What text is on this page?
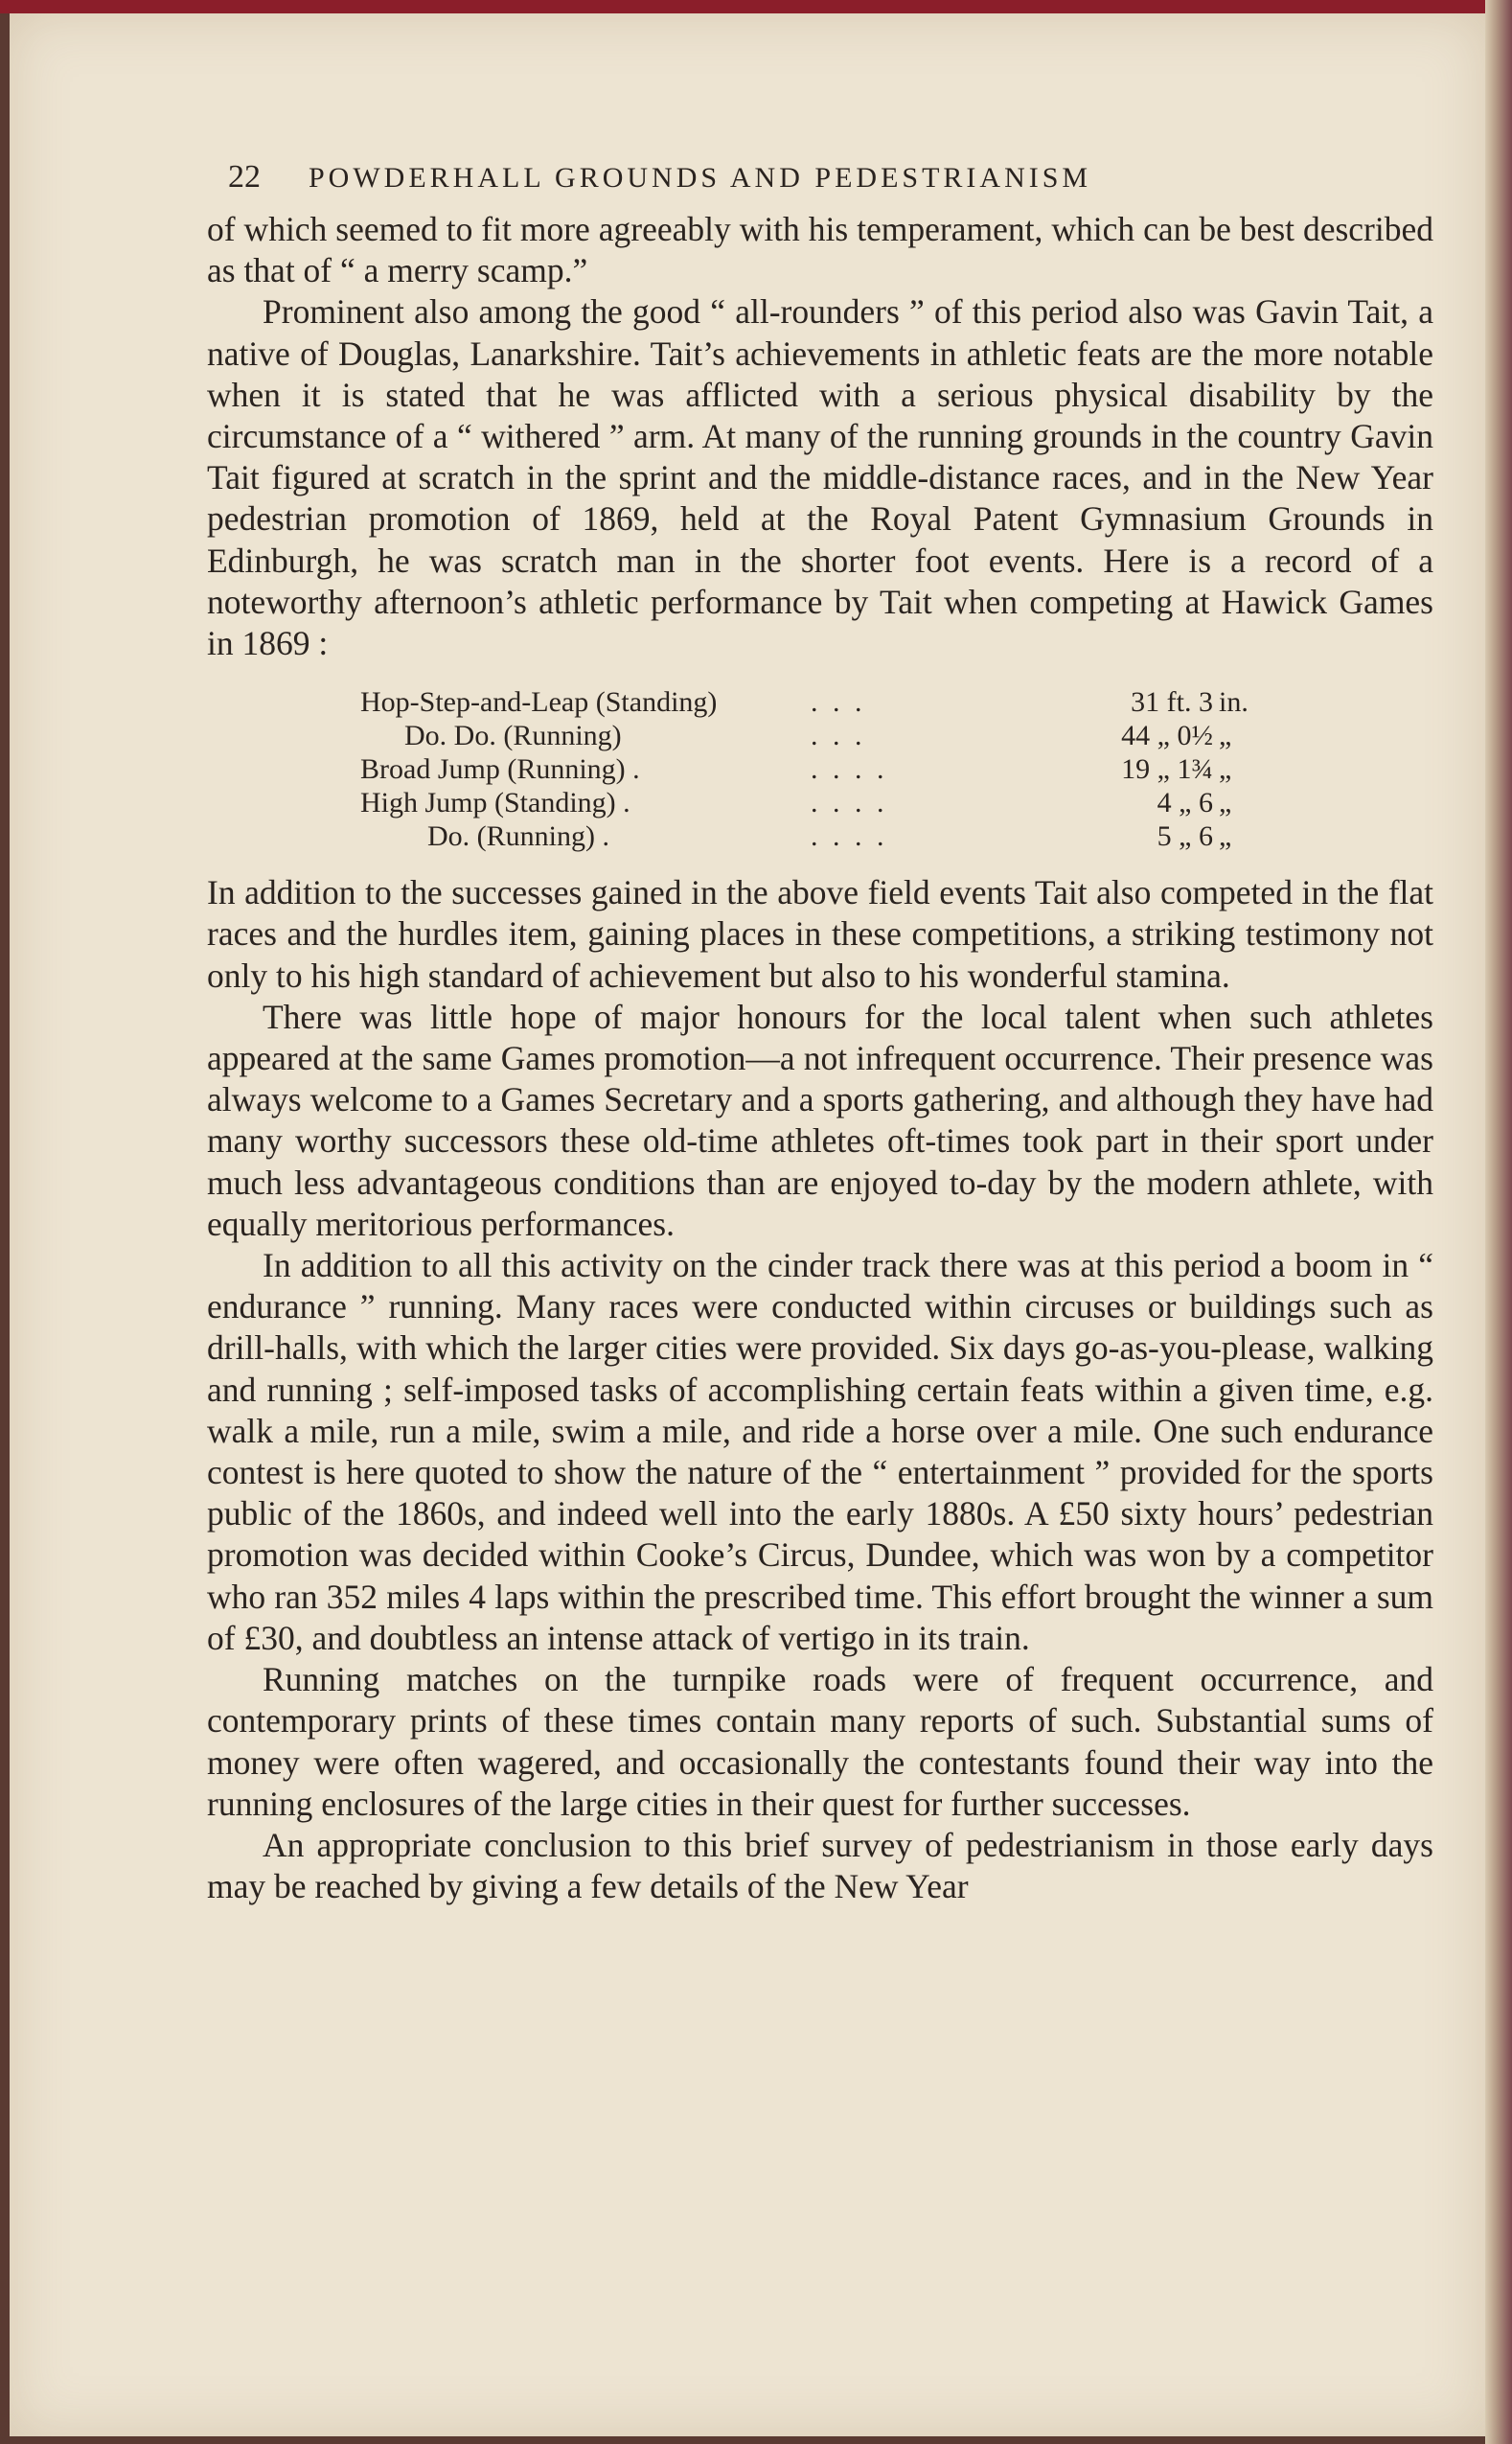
22 POWDERHALL GROUNDS AND PEDESTRIANISM

of which seemed to fit more agreeably with his temperament, which can be best described as that of “ a merry scamp.”

Prominent also among the good “ all-rounders ” of this period also was Gavin Tait, a native of Douglas, Lanarkshire. Tait’s achievements in athletic feats are the more notable when it is stated that he was afflicted with a serious physical disability by the circumstance of a “ withered ” arm. At many of the running grounds in the country Gavin Tait figured at scratch in the sprint and the middle-distance races, and in the New Year pedestrian promotion of 1869, held at the Royal Patent Gymnasium Grounds in Edinburgh, he was scratch man in the shorter foot events. Here is a record of a noteworthy afternoon’s athletic performance by Tait when competing at Hawick Games in 1869 :

Hop-Step-and-Leap (Standing)	. . .	31 ft. 3	in.
Do. Do. (Running)	. . .	44 „ 0½	„
Broad Jump (Running) .	. . . .	19 „ 1¾	„
High Jump (Standing) .	. . . .	4 „ 6	„
Do. (Running) .	. . . .	5 „ 6	„

In addition to the successes gained in the above field events Tait also competed in the flat races and the hurdles item, gaining places in these competitions, a striking testimony not only to his high standard of achievement but also to his wonderful stamina.

There was little hope of major honours for the local talent when such athletes appeared at the same Games promotion—a not infrequent occurrence. Their presence was always welcome to a Games Secretary and a sports gathering, and although they have had many worthy successors these old-time athletes oft-times took part in their sport under much less advantageous conditions than are enjoyed to-day by the modern athlete, with equally meritorious performances.

In addition to all this activity on the cinder track there was at this period a boom in “ endurance ” running. Many races were conducted within circuses or buildings such as drill-halls, with which the larger cities were provided. Six days go-as-you-please, walking and running ; self-imposed tasks of accomplishing certain feats within a given time, e.g. walk a mile, run a mile, swim a mile, and ride a horse over a mile. One such endurance contest is here quoted to show the nature of the “ entertainment ” provided for the sports public of the 1860s, and indeed well into the early 1880s. A £50 sixty hours’ pedestrian promotion was decided within Cooke’s Circus, Dundee, which was won by a competitor who ran 352 miles 4 laps within the prescribed time. This effort brought the winner a sum of £30, and doubtless an intense attack of vertigo in its train.

Running matches on the turnpike roads were of frequent occurrence, and contemporary prints of these times contain many reports of such. Substantial sums of money were often wagered, and occasionally the contestants found their way into the running enclosures of the large cities in their quest for further successes.

An appropriate conclusion to this brief survey of pedestrianism in those early days may be reached by giving a few details of the New Year
